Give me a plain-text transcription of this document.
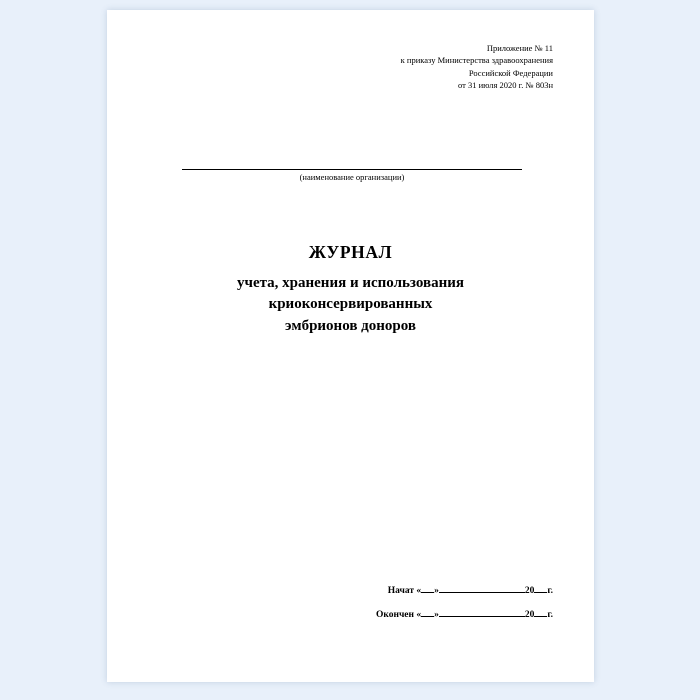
Приложение № 11
к приказу Министерства здравоохранения
Российской Федерации
от 31 июля 2020 г. № 803н
(наименование организации)
ЖУРНАЛ
учета, хранения и использования
криоконсервированных
эмбрионов доноров
Начат « »	20 г.
Окончен « »	20 г.
